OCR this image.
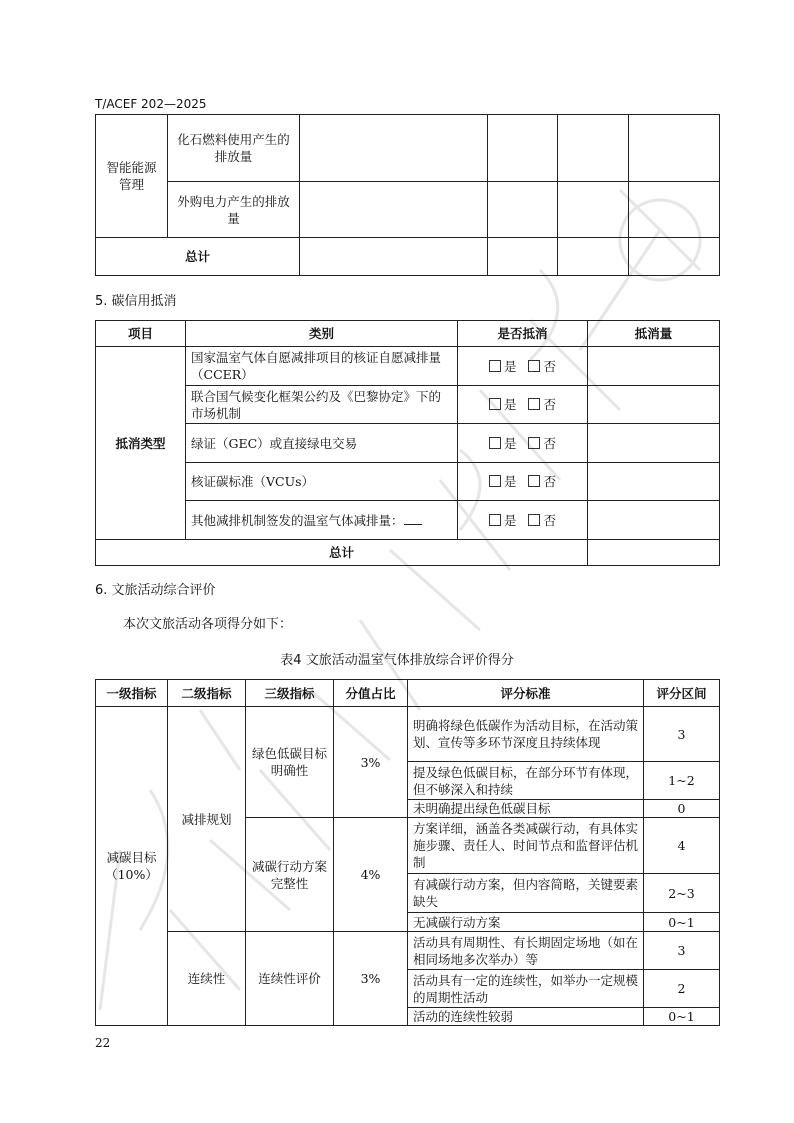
T/ACEF 202—2025
智能能源管理	化石燃料使用产生的排放量				
	外购电力产生的排放量				
总计					
5. 碳信用抵消
项目	类别	是否抵消	抵消量
抵消类型	国家温室气体自愿减排项目的核证自愿减排量（CCER）	是 否	
	联合国气候变化框架公约及《巴黎协定》下的市场机制	是 否	
	绿证（GEC）或直接绿电交易	是 否	
	核证碳标准（VCUs）	是 否	
	其他减排机制签发的温室气体减排量：	是 否	
总计			
6. 文旅活动综合评价
本次文旅活动各项得分如下：
表4 文旅活动温室气体排放综合评价得分
一级指标	二级指标	三级指标	分值占比	评分标准	评分区间
减碳目标（10%）	减排规划	绿色低碳目标明确性	3%	明确将绿色低碳作为活动目标，在活动策划、宣传等多环节深度且持续体现	3
				提及绿色低碳目标，在部分环节有体现，但不够深入和持续	1~2
				未明确提出绿色低碳目标	0
		减碳行动方案完整性	4%	方案详细，涵盖各类减碳行动，有具体实施步骤、责任人、时间节点和监督评估机制	4
				有减碳行动方案，但内容简略，关键要素缺失	2~3
				无减碳行动方案	0~1
	连续性	连续性评价	3%	活动具有周期性、有长期固定场地（如在相同场地多次举办）等	3
				活动具有一定的连续性，如举办一定规模的周期性活动	2
				活动的连续性较弱	0~1
22
